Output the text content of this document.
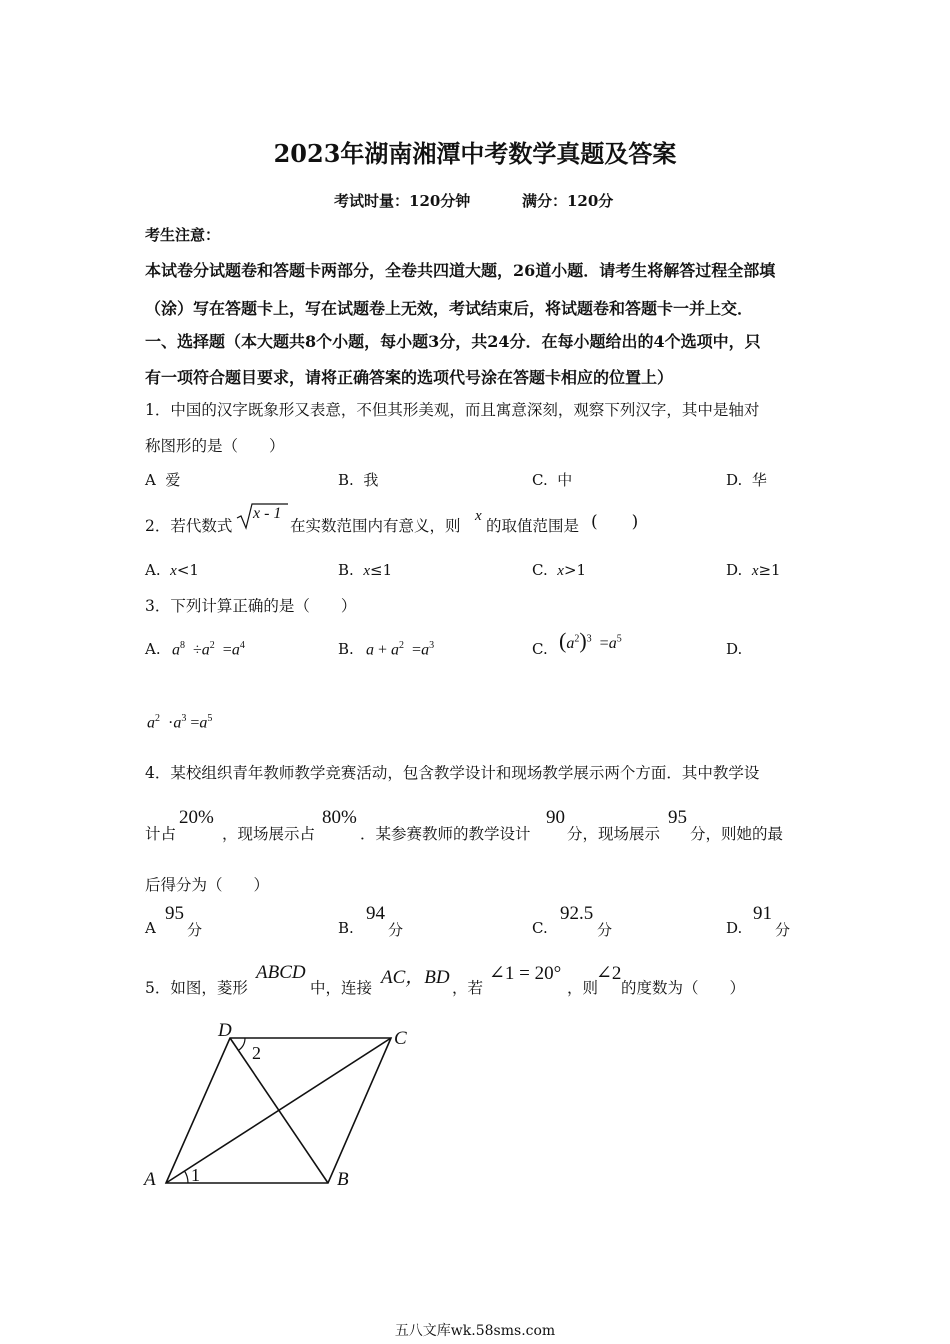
2023年湖南湘潭中考数学真题及答案
考试时量：120分钟	满分：120分
考生注意：
本试卷分试题卷和答题卡两部分，全卷共四道大题，26道小题．请考生将解答过程全部填
（涂）写在答题卡上，写在试题卷上无效，考试结束后，将试题卷和答题卡一并上交．
一、选择题（本大题共8个小题，每小题3分，共24分．在每小题给出的4个选项中，只
有一项符合题目要求，请将正确答案的选项代号涂在答题卡相应的位置上）
1．中国的汉字既象形又表意，不但其形美观，而且寓意深刻，观察下列汉字，其中是轴对
称图形的是（　　）
A 爱	B. 我	C. 中	D. 华
2．若代数式
x - 1
在实数范围内有意义，则
x
的取值范围是 (　　)
A. x<1	B. x≤1	C. x>1	D. x≥1
3．下列计算正确的是（　　）
A. $a^8 \div a^2 =a^4$	B. $a + a^2 =a^3$	C. $(a^2)^3 =a^5$
D.
$a^2 \cdot a^3 =a^5$
4．某校组织青年教师教学竞赛活动，包含教学设计和现场教学展示两个方面．其中教学设
计占
20%
，现场展示占
80%
．某参赛教师的教学设计
90
分，现场展示
95
分，则她的最
后得分为（　　）
A
95
分	B.
94
分	C.
92.5
分	D.
91
分
5．如图，菱形
ABCD
中，连接 AC，BD ，若
∠1 = 20°
，则
∠2
的度数为（　　）
D	C
A	B
1
2
五八文库wk.58sms.com
